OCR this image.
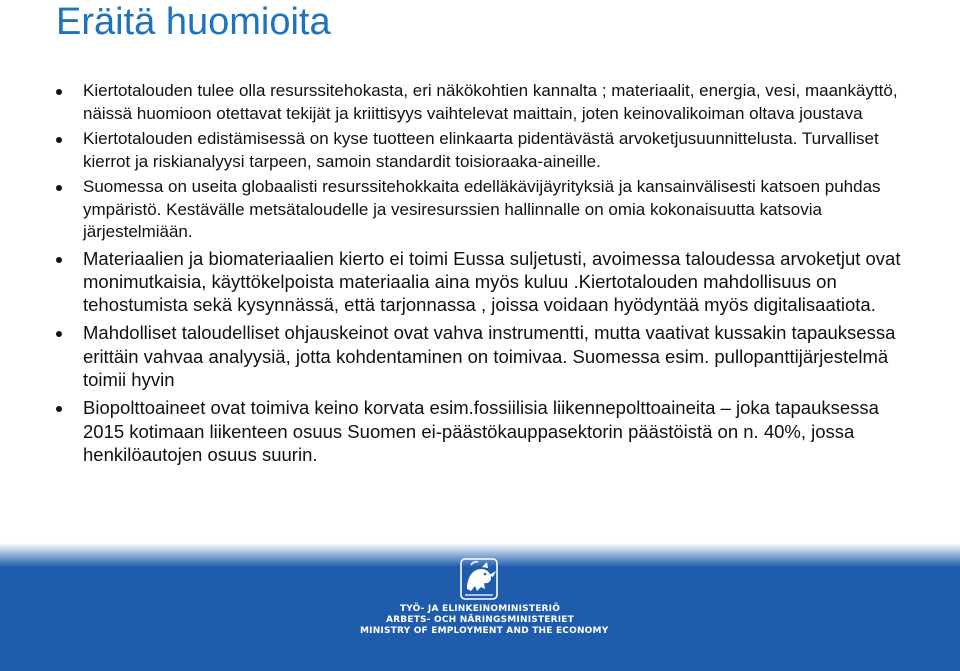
Eräitä huomioita
Kiertotalouden tulee olla resurssitehokasta, eri näkökohtien kannalta ; materiaalit, energia, vesi, maankäyttö, näissä huomioon otettavat tekijät ja kriittisyys vaihtelevat maittain, joten keinovalikoiman oltava joustava
Kiertotalouden edistämisessä on kyse tuotteen elinkaarta pidentävästä arvoketjusuunnittelusta. Turvalliset kierrot ja riskianalyysi tarpeen, samoin standardit toisioraaka-aineille.
Suomessa on useita globaalisti resurssitehokkaita edelläkävijäyrityksiä ja kansainvälisesti katsoen puhdas ympäristö. Kestävälle metsätaloudelle ja vesiresurssien hallinnalle on omia kokonaisuutta katsovia järjestelmiään.
Materiaalien ja biomateriaalien kierto ei toimi Eussa suljetusti, avoimessa taloudessa arvoketjut ovat monimutkaisia, käyttökelpoista materiaalia aina myös kuluu .Kiertotalouden mahdollisuus on tehostumista sekä kysynnässä, että tarjonnassa , joissa voidaan hyödyntää myös digitalisaatiota.
Mahdolliset taloudelliset ohjauskeinot ovat vahva instrumentti, mutta vaativat kussakin tapauksessa erittäin vahvaa analyysiä, jotta kohdentaminen on toimivaa. Suomessa esim. pullopanttijärjestelmä toimii hyvin
Biopolttoaineet ovat toimiva keino korvata esim.fossiilisia liikennepolttoaineita – joka tapauksessa 2015 kotimaan liikenteen osuus Suomen ei-päästökauppasektorin päästöistä on n. 40%, jossa henkilöautojen osuus suurin.
TYÖ- JA ELINKEINOMINISTERIÖ
ARBETS- OCH NÄRINGSMINISTERIET
MINISTRY OF EMPLOYMENT AND THE ECONOMY
